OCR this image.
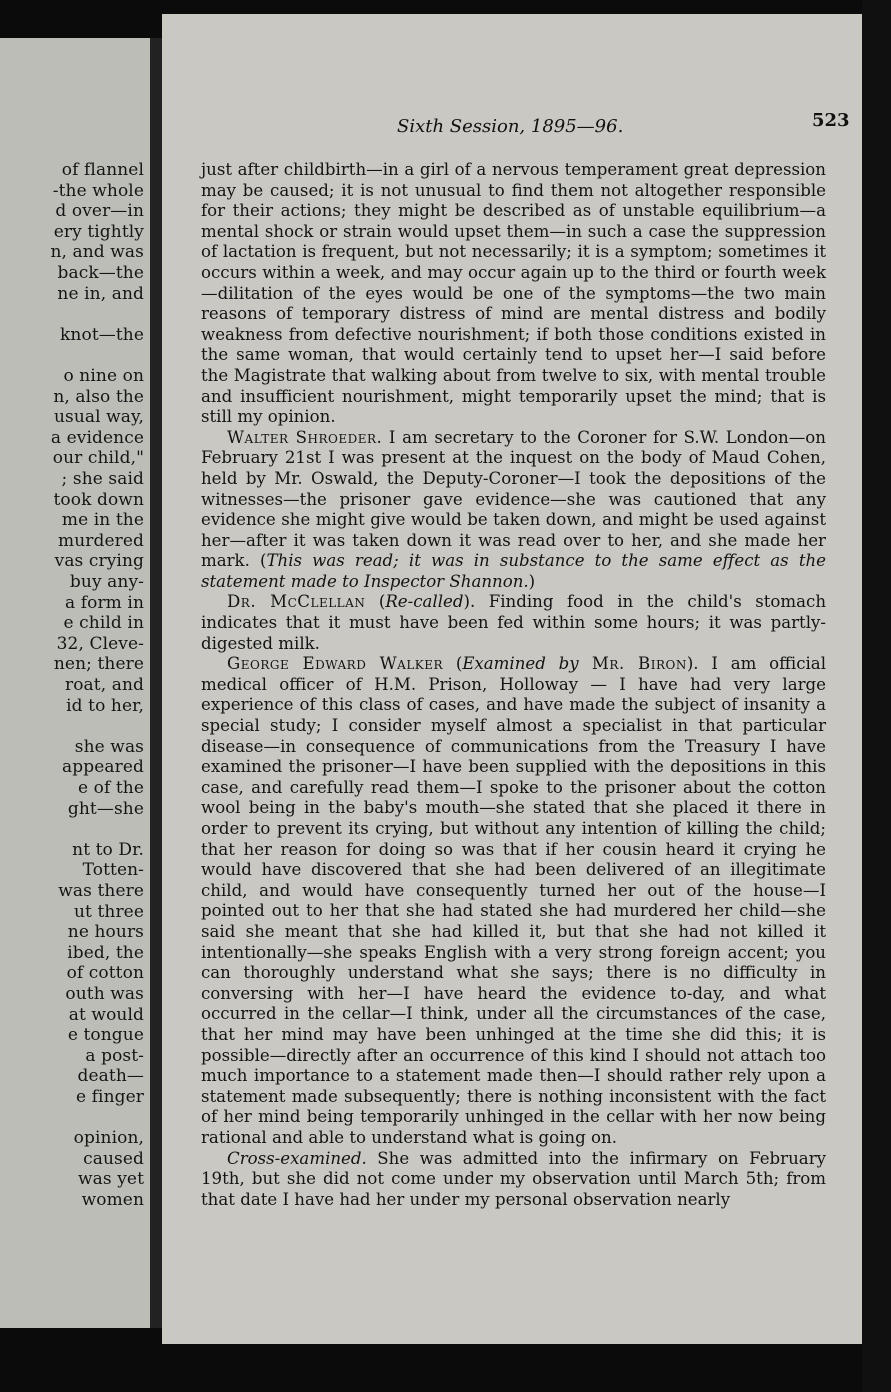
of flannel
-the whole
d over—in
ery tightly
n, and was
back—the
ne in, and
knot—the
o nine on
n, also the
usual way,
a evidence
our child,"
; she said
took down
me in the
murdered
vas crying
buy any-
a form in
e child in
32, Cleve-
nen; there
roat, and
id to her,
she was
appeared
e of the
ght—she
nt to Dr.
Totten-
was there
ut three
ne hours
ibed, the
of cotton
outh was
at would
e tongue
a post-
death—
e finger
opinion,
caused
was yet
women
Sixth Session, 1895—96.	523

just after childbirth—in a girl of a nervous temperament great depression may be caused; it is not unusual to find them not altogether responsible for their actions; they might be described as of unstable equilibrium—a mental shock or strain would upset them—in such a case the suppression of lactation is frequent, but not necessarily; it is a symptom; sometimes it occurs within a week, and may occur again up to the third or fourth week—dilitation of the eyes would be one of the symptoms—the two main reasons of temporary distress of mind are mental distress and bodily weakness from defective nourishment; if both those conditions existed in the same woman, that would certainly tend to upset her—I said before the Magistrate that walking about from twelve to six, with mental trouble and insufficient nourishment, might temporarily upset the mind; that is still my opinion.

Walter Shroeder. I am secretary to the Coroner for S.W. London—on February 21st I was present at the inquest on the body of Maud Cohen, held by Mr. Oswald, the Deputy-Coroner—I took the depositions of the witnesses—the prisoner gave evidence—she was cautioned that any evidence she might give would be taken down, and might be used against her—after it was taken down it was read over to her, and she made her mark. (This was read; it was in substance to the same effect as the statement made to Inspector Shannon.)

Dr. McClellan (Re-called). Finding food in the child's stomach indicates that it must have been fed within some hours; it was partly-digested milk.

George Edward Walker (Examined by Mr. Biron). I am official medical officer of H.M. Prison, Holloway — I have had very large experience of this class of cases, and have made the subject of insanity a special study; I consider myself almost a specialist in that particular disease—in consequence of communications from the Treasury I have examined the prisoner—I have been supplied with the depositions in this case, and carefully read them—I spoke to the prisoner about the cotton wool being in the baby's mouth—she stated that she placed it there in order to prevent its crying, but without any intention of killing the child; that her reason for doing so was that if her cousin heard it crying he would have discovered that she had been delivered of an illegitimate child, and would have consequently turned her out of the house—I pointed out to her that she had stated she had murdered her child—she said she meant that she had killed it, but that she had not killed it intentionally—she speaks English with a very strong foreign accent; you can thoroughly understand what she says; there is no difficulty in conversing with her—I have heard the evidence to-day, and what occurred in the cellar—I think, under all the circumstances of the case, that her mind may have been unhinged at the time she did this; it is possible—directly after an occurrence of this kind I should not attach too much importance to a statement made then—I should rather rely upon a statement made subsequently; there is nothing inconsistent with the fact of her mind being temporarily unhinged in the cellar with her now being rational and able to understand what is going on.

Cross-examined. She was admitted into the infirmary on February 19th, but she did not come under my observation until March 5th; from that date I have had her under my personal observation nearly
